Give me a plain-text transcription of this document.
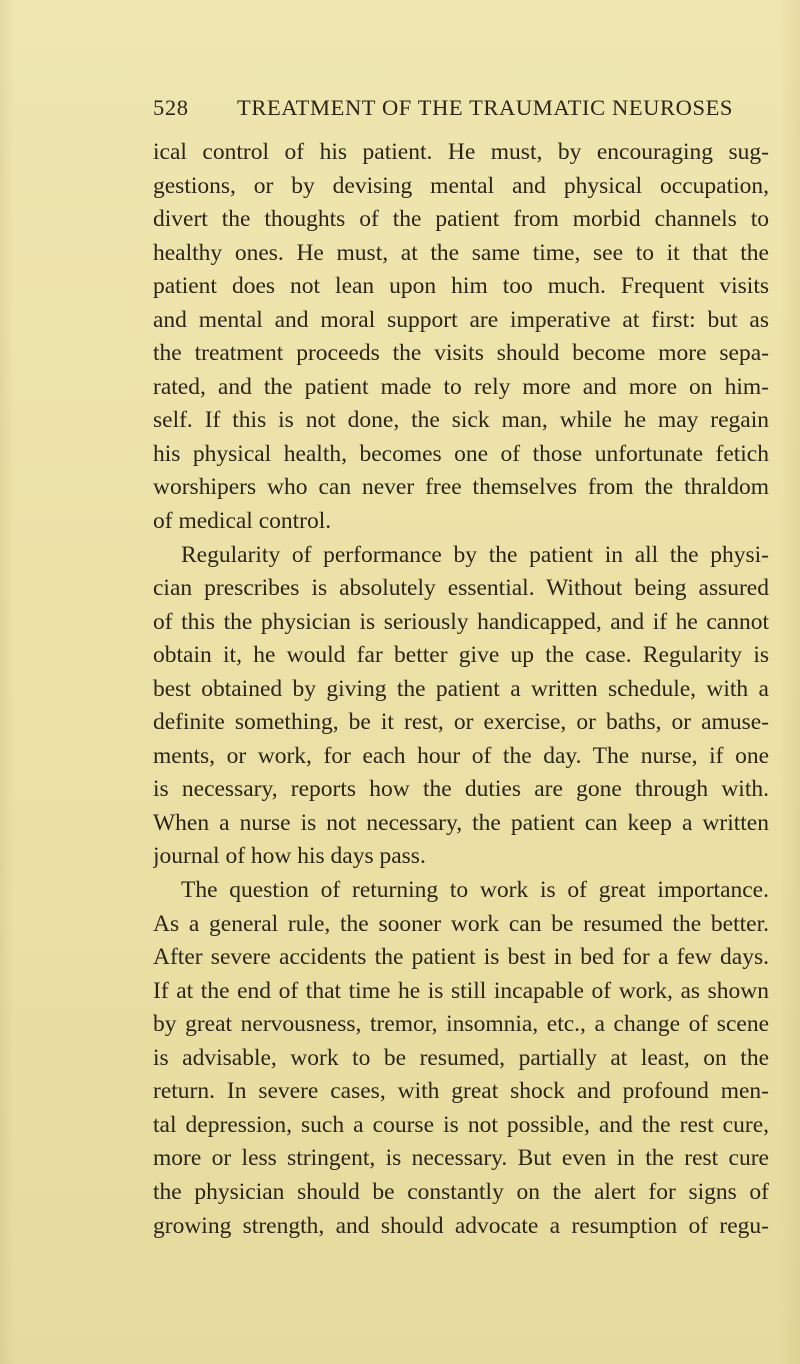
528 TREATMENT OF THE TRAUMATIC NEUROSES
ical control of his patient. He must, by encouraging sug-
gestions, or by devising mental and physical occupation,
divert the thoughts of the patient from morbid channels to
healthy ones. He must, at the same time, see to it that the
patient does not lean upon him too much. Frequent visits
and mental and moral support are imperative at first: but as
the treatment proceeds the visits should become more sepa-
rated, and the patient made to rely more and more on him-
self. If this is not done, the sick man, while he may regain
his physical health, becomes one of those unfortunate fetich
worshipers who can never free themselves from the thraldom
of medical control.
Regularity of performance by the patient in all the physi-
cian prescribes is absolutely essential. Without being assured
of this the physician is seriously handicapped, and if he cannot
obtain it, he would far better give up the case. Regularity is
best obtained by giving the patient a written schedule, with a
definite something, be it rest, or exercise, or baths, or amuse-
ments, or work, for each hour of the day. The nurse, if one
is necessary, reports how the duties are gone through with.
When a nurse is not necessary, the patient can keep a written
journal of how his days pass.
The question of returning to work is of great importance.
As a general rule, the sooner work can be resumed the better.
After severe accidents the patient is best in bed for a few days.
If at the end of that time he is still incapable of work, as shown
by great nervousness, tremor, insomnia, etc., a change of scene
is advisable, work to be resumed, partially at least, on the
return. In severe cases, with great shock and profound men-
tal depression, such a course is not possible, and the rest cure,
more or less stringent, is necessary. But even in the rest cure
the physician should be constantly on the alert for signs of
growing strength, and should advocate a resumption of regu-
